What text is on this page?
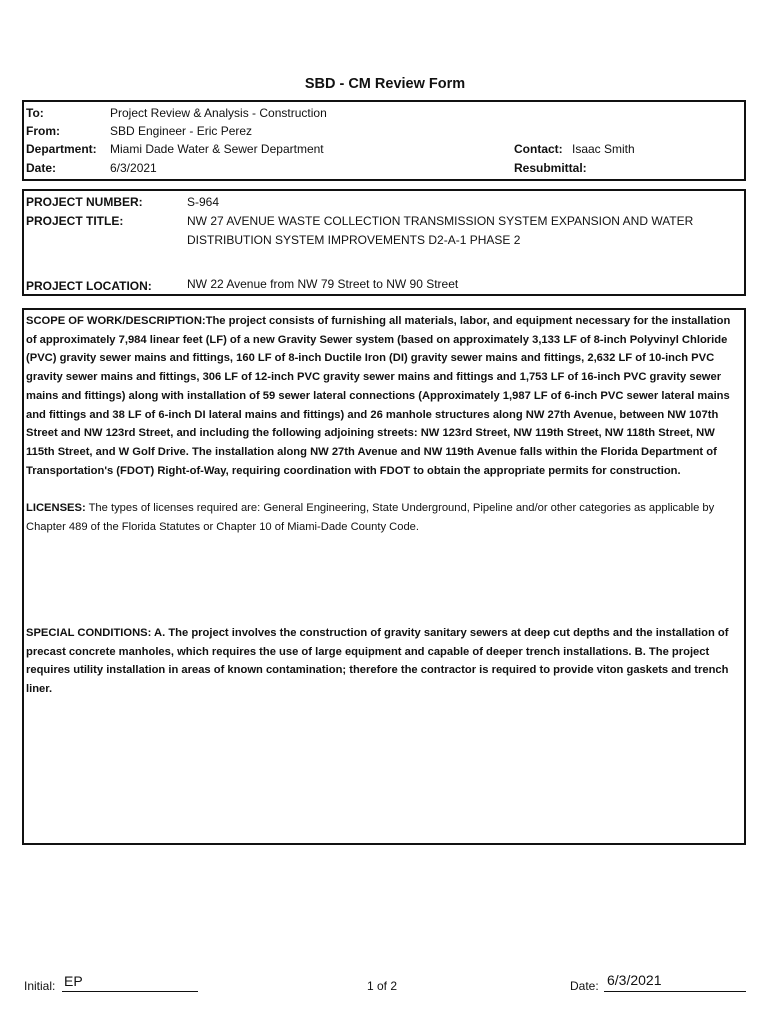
SBD - CM Review Form
To:	Project Review & Analysis - Construction
From:	SBD Engineer - Eric Perez
Department: Miami Dade Water & Sewer Department	Contact: Isaac Smith
Date:	6/3/2021	Resubmittal:
PROJECT NUMBER:	S-964
PROJECT TITLE:	NW 27 AVENUE WASTE COLLECTION TRANSMISSION SYSTEM EXPANSION AND WATER
DISTRIBUTION SYSTEM IMPROVEMENTS D2-A-1 PHASE 2
PROJECT LOCATION:	NW 22 Avenue from NW 79 Street to NW 90 Street
SCOPE OF WORK/DESCRIPTION:The project consists of furnishing all materials, labor, and equipment necessary for the installation of approximately 7,984 linear feet (LF) of a new Gravity Sewer system (based on approximately 3,133 LF of 8-inch Polyvinyl Chloride (PVC) gravity sewer mains and fittings, 160 LF of 8-inch Ductile Iron (DI) gravity sewer mains and fittings, 2,632 LF of 10-inch PVC gravity sewer mains and fittings, 306 LF of 12-inch PVC gravity sewer mains and fittings and 1,753 LF of 16-inch PVC gravity sewer mains and fittings) along with installation of 59 sewer lateral connections (Approximately 1,987 LF of 6-inch PVC sewer lateral mains and fittings and 38 LF of 6-inch DI lateral mains and fittings) and 26 manhole structures along NW 27th Avenue, between NW 107th Street and NW 123rd Street, and including the following adjoining streets: NW 123rd Street, NW 119th Street, NW 118th Street, NW 115th Street, and W Golf Drive. The installation along NW 27th Avenue and NW 119th Avenue falls within the Florida Department of Transportation's (FDOT) Right-of-Way, requiring coordination with FDOT to obtain the appropriate permits for construction.
LICENSES: The types of licenses required are: General Engineering, State Underground, Pipeline and/or other categories as applicable by Chapter 489 of the Florida Statutes or Chapter 10 of Miami-Dade County Code.
SPECIAL CONDITIONS: A. The project involves the construction of gravity sanitary sewers at deep cut depths and the installation of precast concrete manholes, which requires the use of large equipment and capable of deeper trench installations. B. The project requires utility installation in areas of known contamination; therefore the contractor is required to provide viton gaskets and trench liner.
Initial: EP	1 of 2	Date: 6/3/2021
